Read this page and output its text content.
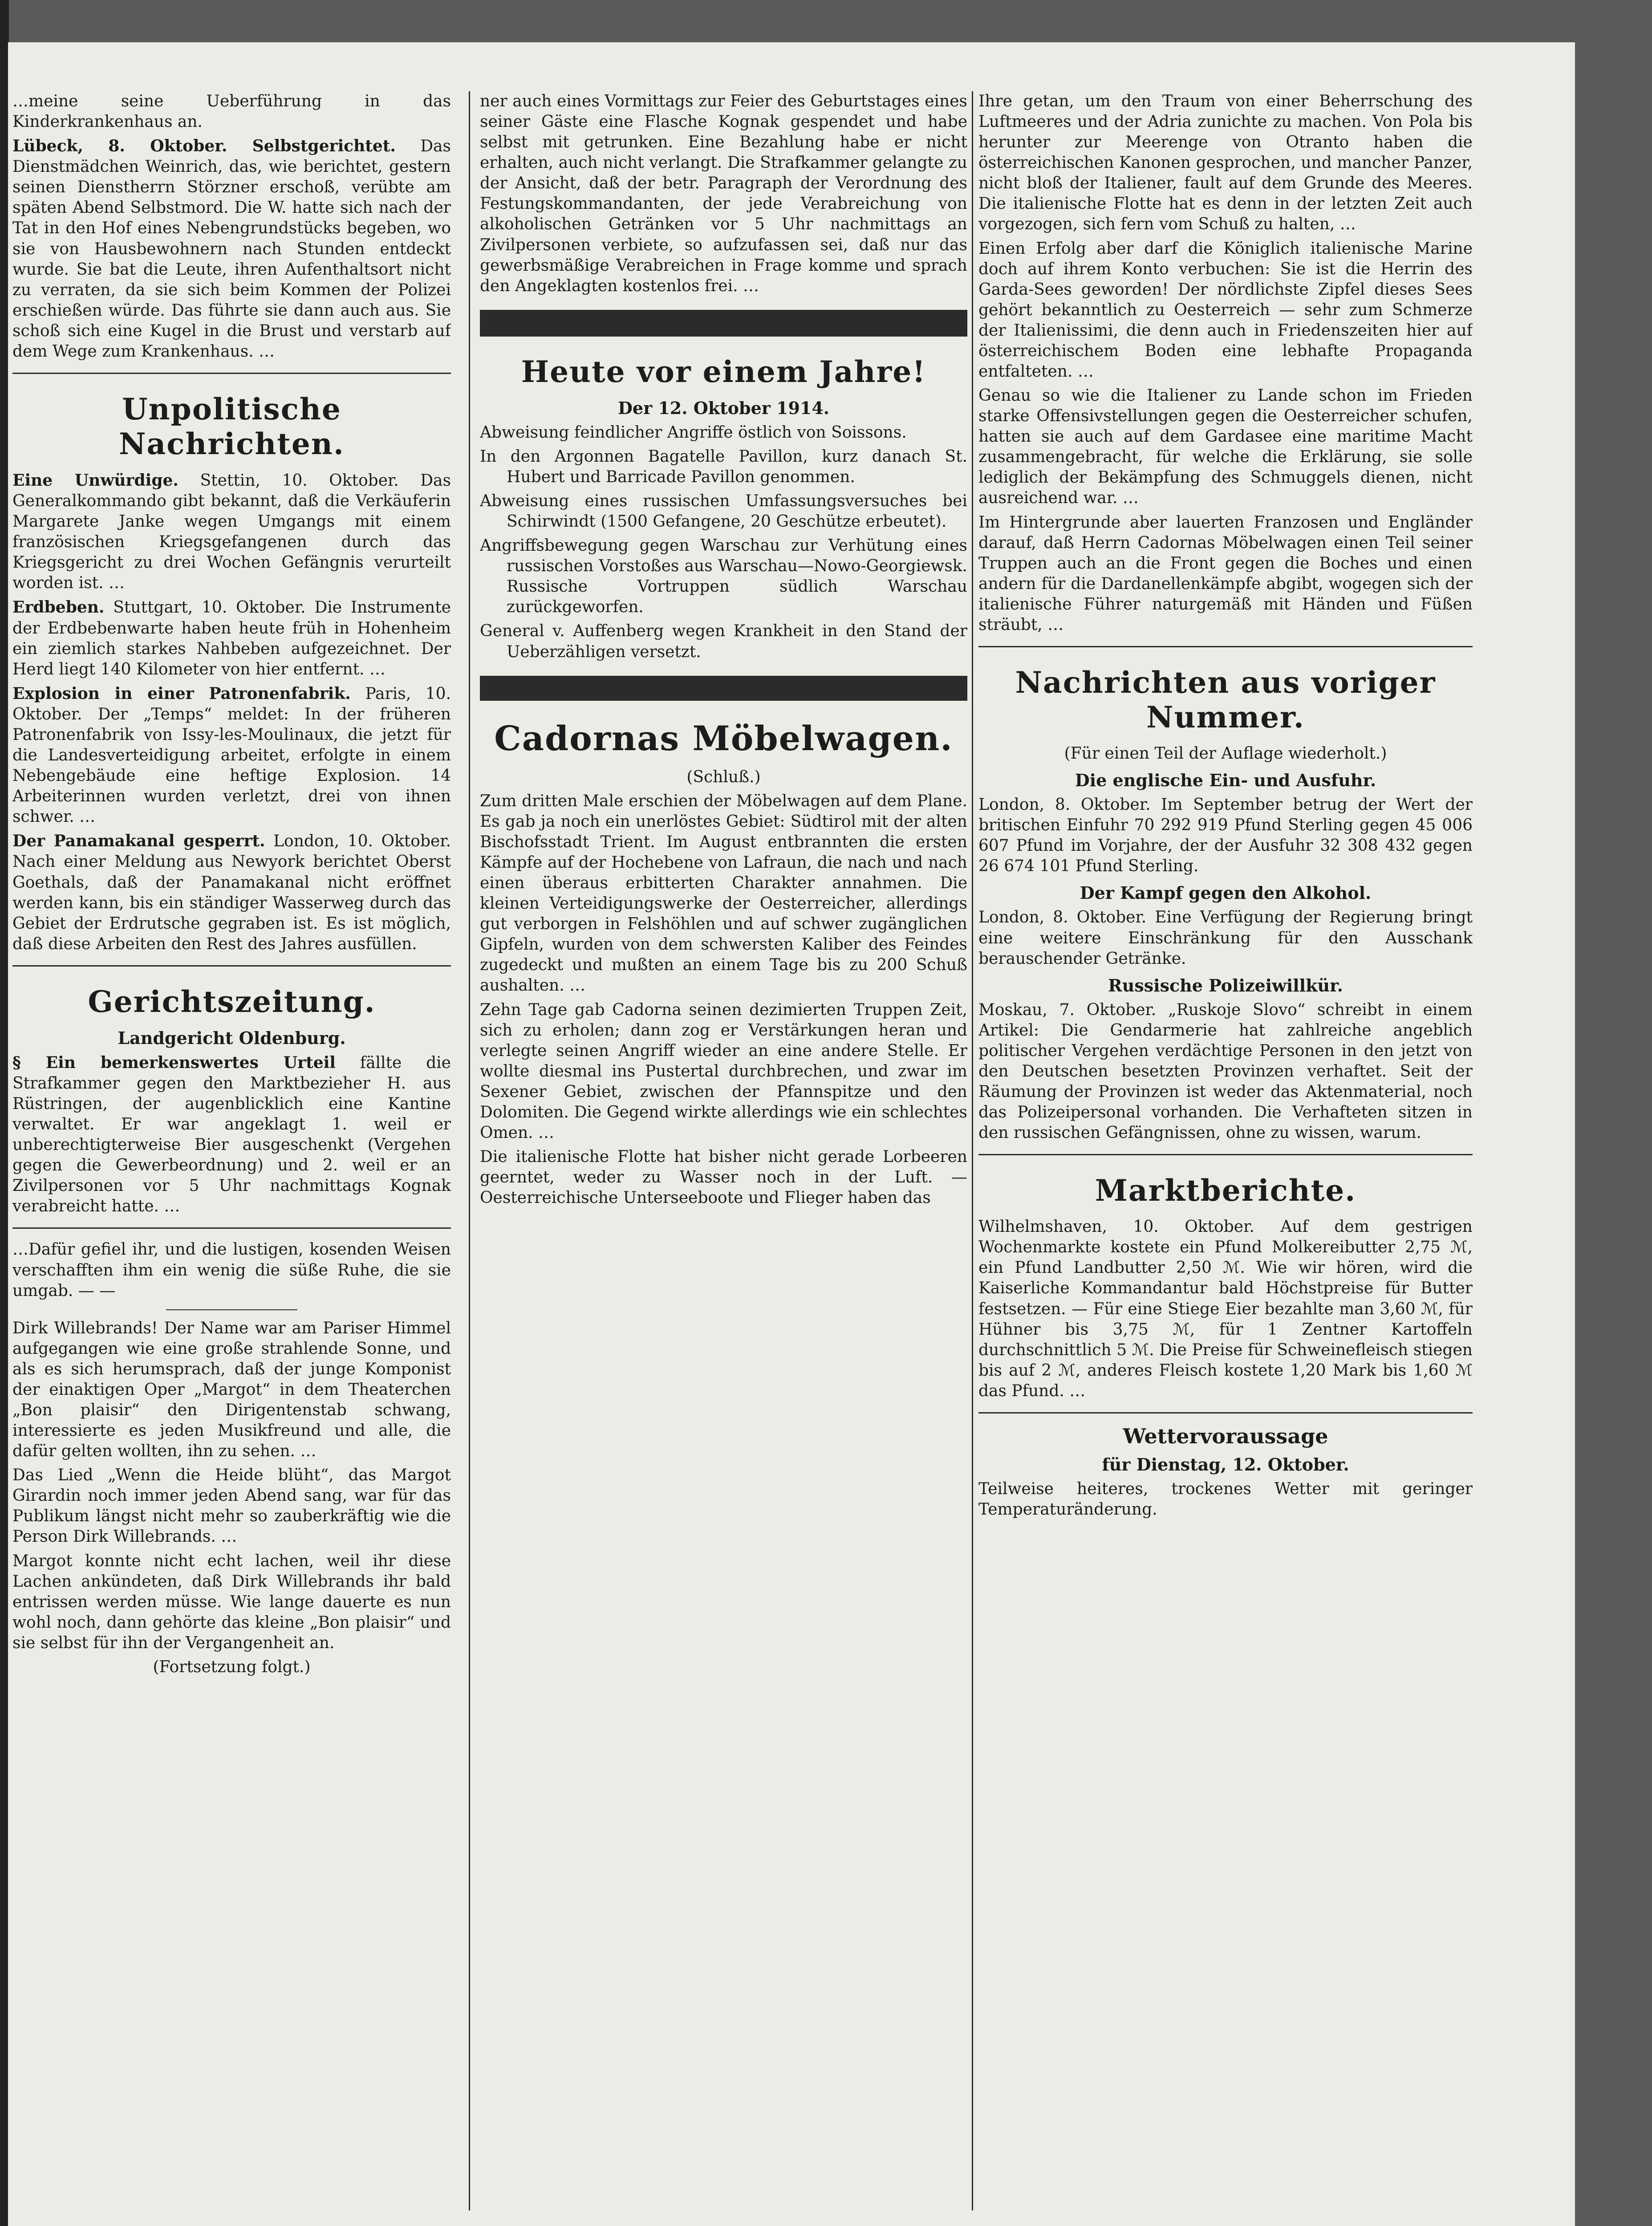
…meine seine Ueberführung in das Kinderkrankenhaus an.

Lübeck, 8. Oktober. Selbstgerichtet. Das Dienstmädchen Weinrich, das, wie berichtet, gestern seinen Dienstherrn Störzner erschoß, verübte am späten Abend Selbstmord. Die W. hatte sich nach der Tat in den Hof eines Nebengrundstücks begeben, wo sie von Hausbewohnern nach Stunden entdeckt wurde. Sie bat die Leute, ihren Aufenthaltsort nicht zu verraten, da sie sich beim Kommen der Polizei erschießen würde. Das führte sie dann auch aus. Sie schoß sich eine Kugel in die Brust und verstarb auf dem Wege zum Krankenhaus. …

Unpolitische Nachrichten.

Eine Unwürdige. Stettin, 10. Oktober. Das Generalkommando gibt bekannt, daß die Verkäuferin Margarete Janke wegen Umgangs mit einem französischen Kriegsgefangenen durch das Kriegsgericht zu drei Wochen Gefängnis verurteilt worden ist. …

Erdbeben. Stuttgart, 10. Oktober. Die Instrumente der Erdbebenwarte haben heute früh in Hohenheim ein ziemlich starkes Nahbeben aufgezeichnet. Der Herd liegt 140 Kilometer von hier entfernt. …

Explosion in einer Patronenfabrik. Paris, 10. Oktober. Der „Temps“ meldet: In der früheren Patronenfabrik von Issy-les-Moulinaux, die jetzt für die Landesverteidigung arbeitet, erfolgte in einem Nebengebäude eine heftige Explosion. 14 Arbeiterinnen wurden verletzt, drei von ihnen schwer. …

Der Panamakanal gesperrt. London, 10. Oktober. Nach einer Meldung aus Newyork berichtet Oberst Goethals, daß der Panamakanal nicht eröffnet werden kann, bis ein ständiger Wasserweg durch das Gebiet der Erdrutsche gegraben ist. Es ist möglich, daß diese Arbeiten den Rest des Jahres ausfüllen.

Gerichtszeitung.
Landgericht Oldenburg.

§ Ein bemerkenswertes Urteil fällte die Strafkammer gegen den Marktbezieher H. aus Rüstringen, der augenblicklich eine Kantine verwaltet. Er war angeklagt 1. weil er unberechtigterweise Bier ausgeschenkt (Vergehen gegen die Gewerbeordnung) und 2. weil er an Zivilpersonen vor 5 Uhr nachmittags Kognak verabreicht hatte. …

…Dafür gefiel ihr, und die lustigen, kosenden Weisen verschafften ihm ein wenig die süße Ruhe, die sie umgab. — —

Dirk Willebrands! Der Name war am Pariser Himmel aufgegangen wie eine große strahlende Sonne, und als es sich herumsprach, daß der junge Komponist der einaktigen Oper „Margot“ in dem Theaterchen „Bon plaisir“ den Dirigentenstab schwang, interessierte es jeden Musikfreund und alle, die dafür gelten wollten, ihn zu sehen. …

Das Lied „Wenn die Heide blüht“, das Margot Girardin noch immer jeden Abend sang, war für das Publikum längst nicht mehr so zauberkräftig wie die Person Dirk Willebrands. …

Margot konnte nicht echt lachen, weil ihr diese Lachen ankündeten, daß Dirk Willebrands ihr bald entrissen werden müsse. Wie lange dauerte es nun wohl noch, dann gehörte das kleine „Bon plaisir“ und sie selbst für ihn der Vergangenheit an.

(Fortsetzung folgt.)

ner auch eines Vormittags zur Feier des Geburtstages eines seiner Gäste eine Flasche Kognak gespendet und habe selbst mit getrunken. Eine Bezahlung habe er nicht erhalten, auch nicht verlangt. Die Strafkammer gelangte zu der Ansicht, daß der betr. Paragraph der Verordnung des Festungskommandanten, der jede Verabreichung von alkoholischen Getränken vor 5 Uhr nachmittags an Zivilpersonen verbiete, so aufzufassen sei, daß nur das gewerbsmäßige Verabreichen in Frage komme und sprach den Angeklagten kostenlos frei. …

Heute vor einem Jahre!
Der 12. Oktober 1914.

Abweisung feindlicher Angriffe östlich von Soissons.

In den Argonnen Bagatelle Pavillon, kurz danach St. Hubert und Barricade Pavillon genommen.

Abweisung eines russischen Umfassungsversuches bei Schirwindt (1500 Gefangene, 20 Geschütze erbeutet).

Angriffsbewegung gegen Warschau zur Verhütung eines russischen Vorstoßes aus Warschau—Nowo-Georgiewsk. Russische Vortruppen südlich Warschau zurückgeworfen.

General v. Auffenberg wegen Krankheit in den Stand der Ueberzähligen versetzt.

Cadornas Möbelwagen.

(Schluß.)

Zum dritten Male erschien der Möbelwagen auf dem Plane. Es gab ja noch ein unerlöstes Gebiet: Südtirol mit der alten Bischofsstadt Trient. Im August entbrannten die ersten Kämpfe auf der Hochebene von Lafraun, die nach und nach einen überaus erbitterten Charakter annahmen. Die kleinen Verteidigungswerke der Oesterreicher, allerdings gut verborgen in Felshöhlen und auf schwer zugänglichen Gipfeln, wurden von dem schwersten Kaliber des Feindes zugedeckt und mußten an einem Tage bis zu 200 Schuß aushalten. …

Zehn Tage gab Cadorna seinen dezimierten Truppen Zeit, sich zu erholen; dann zog er Verstärkungen heran und verlegte seinen Angriff wieder an eine andere Stelle. Er wollte diesmal ins Pustertal durchbrechen, und zwar im Sexener Gebiet, zwischen der Pfannspitze und den Dolomiten. Die Gegend wirkte allerdings wie ein schlechtes Omen. …

Die italienische Flotte hat bisher nicht gerade Lorbeeren geerntet, weder zu Wasser noch in der Luft. — Oesterreichische Unterseeboote und Flieger haben das

Ihre getan, um den Traum von einer Beherrschung des Luftmeeres und der Adria zunichte zu machen. Von Pola bis herunter zur Meerenge von Otranto haben die österreichischen Kanonen gesprochen, und mancher Panzer, nicht bloß der Italiener, fault auf dem Grunde des Meeres. Die italienische Flotte hat es denn in der letzten Zeit auch vorgezogen, sich fern vom Schuß zu halten, …

Einen Erfolg aber darf die Königlich italienische Marine doch auf ihrem Konto verbuchen: Sie ist die Herrin des Garda-Sees geworden! Der nördlichste Zipfel dieses Sees gehört bekanntlich zu Oesterreich — sehr zum Schmerze der Italienissimi, die denn auch in Friedenszeiten hier auf österreichischem Boden eine lebhafte Propaganda entfalteten. …

Genau so wie die Italiener zu Lande schon im Frieden starke Offensivstellungen gegen die Oesterreicher schufen, hatten sie auch auf dem Gardasee eine maritime Macht zusammengebracht, für welche die Erklärung, sie solle lediglich der Bekämpfung des Schmuggels dienen, nicht ausreichend war. …

Im Hintergrunde aber lauerten Franzosen und Engländer darauf, daß Herrn Cadornas Möbelwagen einen Teil seiner Truppen auch an die Front gegen die Boches und einen andern für die Dardanellenkämpfe abgibt, wogegen sich der italienische Führer naturgemäß mit Händen und Füßen sträubt, …

Nachrichten aus voriger Nummer.

(Für einen Teil der Auflage wiederholt.)

Die englische Ein- und Ausfuhr.

London, 8. Oktober. Im September betrug der Wert der britischen Einfuhr 70 292 919 Pfund Sterling gegen 45 006 607 Pfund im Vorjahre, der der Ausfuhr 32 308 432 gegen 26 674 101 Pfund Sterling.

Der Kampf gegen den Alkohol.

London, 8. Oktober. Eine Verfügung der Regierung bringt eine weitere Einschränkung für den Ausschank berauschender Getränke.

Russische Polizeiwillkür.

Moskau, 7. Oktober. „Ruskoje Slovo“ schreibt in einem Artikel: Die Gendarmerie hat zahlreiche angeblich politischer Vergehen verdächtige Personen in den jetzt von den Deutschen besetzten Provinzen verhaftet. Seit der Räumung der Provinzen ist weder das Aktenmaterial, noch das Polizeipersonal vorhanden. Die Verhafteten sitzen in den russischen Gefängnissen, ohne zu wissen, warum.

Marktberichte.

Wilhelmshaven, 10. Oktober. Auf dem gestrigen Wochenmarkte kostete ein Pfund Molkereibutter 2,75 ℳ, ein Pfund Landbutter 2,50 ℳ. Wie wir hören, wird die Kaiserliche Kommandantur bald Höchstpreise für Butter festsetzen. — Für eine Stiege Eier bezahlte man 3,60 ℳ, für Hühner bis 3,75 ℳ, für 1 Zentner Kartoffeln durchschnittlich 5 ℳ. Die Preise für Schweinefleisch stiegen bis auf 2 ℳ, anderes Fleisch kostete 1,20 Mark bis 1,60 ℳ das Pfund. …

Wettervoraussage
für Dienstag, 12. Oktober.

Teilweise heiteres, trockenes Wetter mit geringer Temperaturänderung.
